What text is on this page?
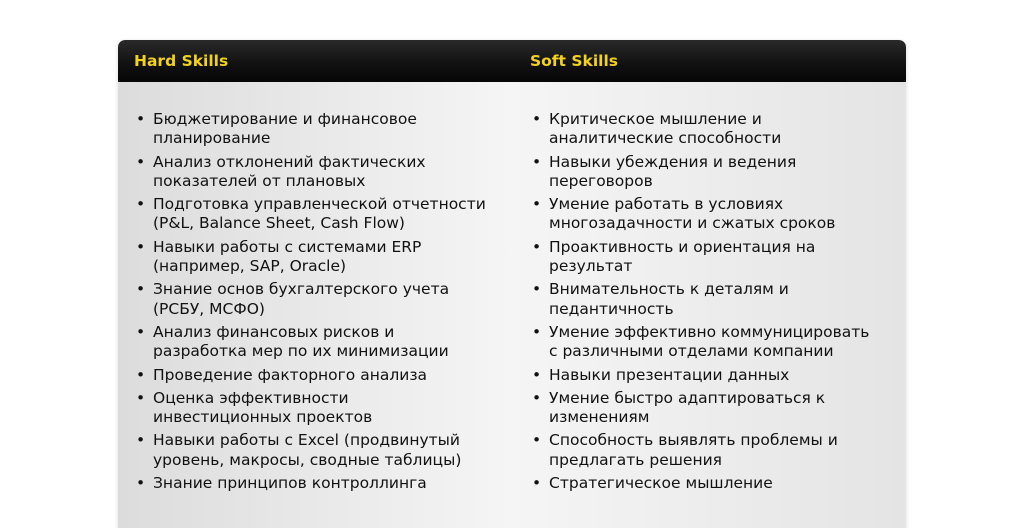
Hard Skills	Soft Skills
• Бюджетирование и финансовое
планирование
• Анализ отклонений фактических
показателей от плановых
• Подготовка управленческой отчетности
(P&L, Balance Sheet, Cash Flow)
• Навыки работы с системами ERP
(например, SAP, Oracle)
• Знание основ бухгалтерского учета
(РСБУ, МСФО)
• Анализ финансовых рисков и
разработка мер по их минимизации
• Проведение факторного анализа
• Оценка эффективности
инвестиционных проектов
• Навыки работы с Excel (продвинутый
уровень, макросы, сводные таблицы)
• Знание принципов контроллинга
• Критическое мышление и
аналитические способности
• Навыки убеждения и ведения
переговоров
• Умение работать в условиях
многозадачности и сжатых сроков
• Проактивность и ориентация на
результат
• Внимательность к деталям и
педантичность
• Умение эффективно коммуницировать
с различными отделами компании
• Навыки презентации данных
• Умение быстро адаптироваться к
изменениям
• Способность выявлять проблемы и
предлагать решения
• Стратегическое мышление
